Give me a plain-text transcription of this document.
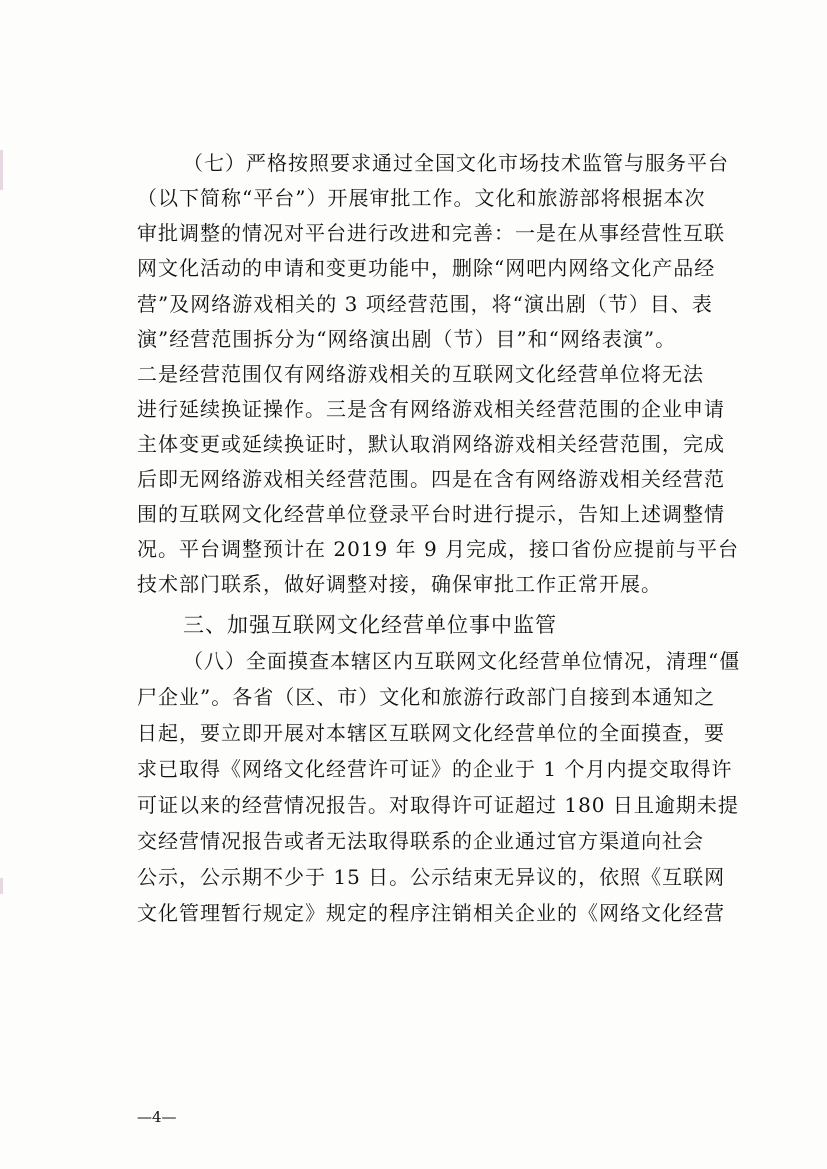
（七）严格按照要求通过全国文化市场技术监管与服务平台
（以下简称“平台”）开展审批工作。文化和旅游部将根据本次
审批调整的情况对平台进行改进和完善：一是在从事经营性互联
网文化活动的申请和变更功能中，删除“网吧内网络文化产品经
营”及网络游戏相关的 3 项经营范围，将“演出剧（节）目、表
演”经营范围拆分为“网络演出剧（节）目”和“网络表演”。
二是经营范围仅有网络游戏相关的互联网文化经营单位将无法
进行延续换证操作。三是含有网络游戏相关经营范围的企业申请
主体变更或延续换证时，默认取消网络游戏相关经营范围，完成
后即无网络游戏相关经营范围。四是在含有网络游戏相关经营范
围的互联网文化经营单位登录平台时进行提示，告知上述调整情
况。平台调整预计在 2019 年 9 月完成，接口省份应提前与平台
技术部门联系，做好调整对接，确保审批工作正常开展。
三、加强互联网文化经营单位事中监管
（八）全面摸查本辖区内互联网文化经营单位情况，清理“僵
尸企业”。各省（区、市）文化和旅游行政部门自接到本通知之
日起，要立即开展对本辖区互联网文化经营单位的全面摸查，要
求已取得《网络文化经营许可证》的企业于 1 个月内提交取得许
可证以来的经营情况报告。对取得许可证超过 180 日且逾期未提
交经营情况报告或者无法取得联系的企业通过官方渠道向社会
公示，公示期不少于 15 日。公示结束无异议的，依照《互联网
文化管理暂行规定》规定的程序注销相关企业的《网络文化经营
—4—
